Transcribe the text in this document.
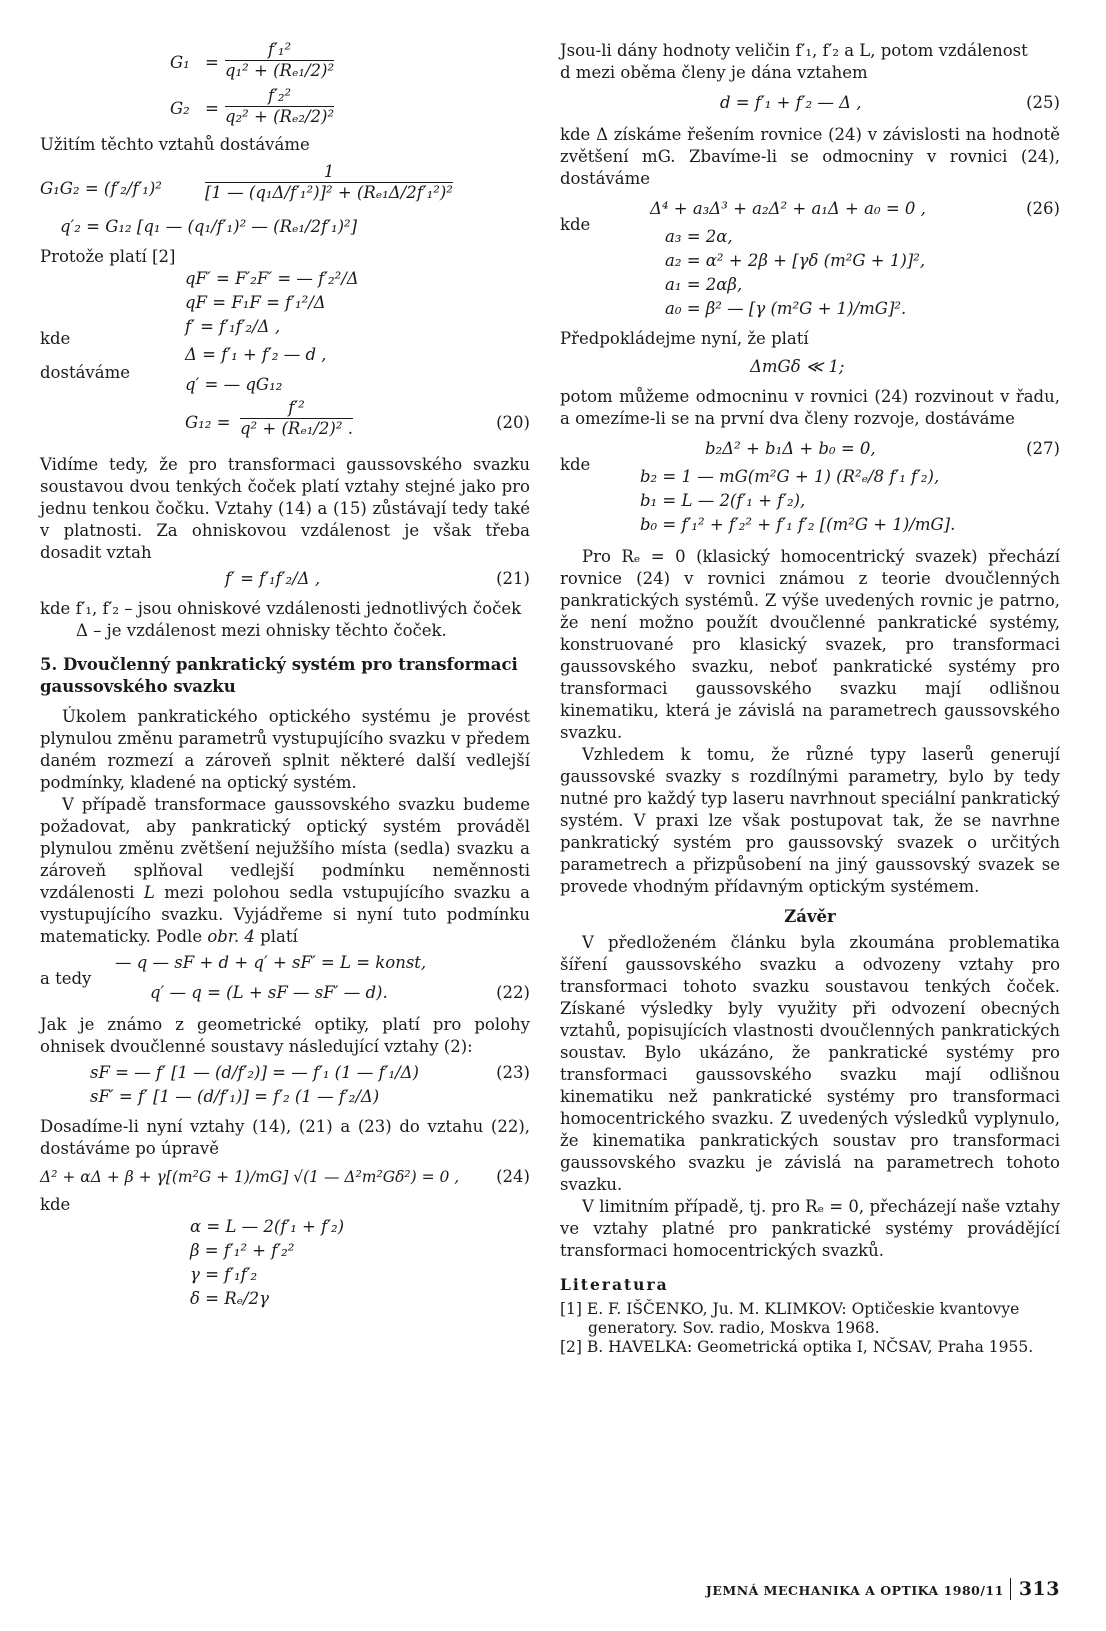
$G_1 = \frac{\text{f′₁²}}{\text{q₁² + (Rₑ₁/2)²}}$
$G_2 = \frac{\text{f′₂²}}{\text{q₂² + (Rₑ₂/2)²}}$

Užitím těchto vztahů dostáváme

G₁G₂ = (f′₂/f′₁)²	$\frac{1}{\text{[1 — (q₁Δ/f′₁²)]² + (Rₑ₁Δ/2f′₁²)²}}$
q′₂ = G₁₂ [q₁ — (q₁/f′₁)² — (Rₑ₁/2f′₁)²]

Protože platí [2]

qF′ = F′₂F′ = — f′₂²/Δ
qF = F₁F = f′₁²/Δ
f′ = f′₁f′₂/Δ ,
kde
Δ = f′₁ + f′₂ — d ,
dostáváme
q′ = — qG₁₂
$G_{12} = \frac{\text{f′²}}{\text{q² + (Rₑ₁/2)² .}}$	(20)

Vidíme tedy, že pro transformaci gaussovského svazku soustavou dvou tenkých čoček platí vztahy stejné jako pro jednu tenkou čočku. Vztahy (14) a (15) zůstávají tedy také v platnosti. Za ohniskovou vzdálenost je však třeba dosadit vztah

f′ = f′₁f′₂/Δ ,	(21)

kde f′₁, f′₂ – jsou ohniskové vzdálenosti jednotlivých čoček

Δ – je vzdálenost mezi ohnisky těchto čoček.

5. Dvoučlenný pankratický systém pro transformaci gaussovského svazku

Úkolem pankratického optického systému je provést plynulou změnu parametrů vystupujícího svazku v předem daném rozmezí a zároveň splnit některé další vedlejší podmínky, kladené na optický systém.

V případě transformace gaussovského svazku budeme požadovat, aby pankratický optický systém prováděl plynulou změnu zvětšení nejužšího místa (sedla) svazku a zároveň splňoval vedlejší podmínku neměnnosti vzdálenosti L mezi polohou sedla vstupujícího svazku a vystupujícího svazku. Vyjádřeme si nyní tuto podmínku matematicky. Podle obr. 4 platí

— q — sF + d + q′ + sF′ = L = konst,
a tedy
q′ — q = (L + sF — sF′ — d).	(22)

Jak je známo z geometrické optiky, platí pro polohy ohnisek dvoučlenné soustavy následující vztahy (2):

sF = — f′ [1 — (d/f′₂)] = — f′₁ (1 — f′₁/Δ)	(23)
sF′ = f′ [1 — (d/f′₁)] = f′₂ (1 — f′₂/Δ)

Dosadíme-li nyní vztahy (14), (21) a (23) do vztahu (22), dostáváme po úpravě

Δ² + αΔ + β + γ[(m²G + 1)/mG] √(1 — Δ²m²Gδ²) = 0 , (24)

kde

α = L — 2(f′₁ + f′₂)
β = f′₁² + f′₂²
γ = f′₁f′₂
δ = Rₑ/2γ

Jsou-li dány hodnoty veličin f′₁, f′₂ a L, potom vzdálenost

d mezi oběma členy je dána vztahem

d = f′₁ + f′₂ — Δ ,	(25)

kde Δ získáme řešením rovnice (24) v závislosti na hodnotě zvětšení mG. Zbavíme-li se odmocniny v rovnici (24), dostáváme

Δ⁴ + a₃Δ³ + a₂Δ² + a₁Δ + a₀ = 0 ,	(26)
kde
a₃ = 2α,
a₂ = α² + 2β + [γδ (m²G + 1)]²,
a₁ = 2αβ,
a₀ = β² — [γ (m²G + 1)/mG]².

Předpokládejme nyní, že platí

ΔmGδ ≪ 1;

potom můžeme odmocninu v rovnici (24) rozvinout v řadu, a omezíme-li se na první dva členy rozvoje, dostáváme

b₂Δ² + b₁Δ + b₀ = 0,	(27)
kde
b₂ = 1 — mG(m²G + 1) (R²ₑ/8 f′₁ f′₂),
b₁ = L — 2(f′₁ + f′₂),
b₀ = f′₁² + f′₂² + f′₁ f′₂ [(m²G + 1)/mG].

Pro Rₑ = 0 (klasický homocentrický svazek) přechází rovnice (24) v rovnici známou z teorie dvoučlenných pankratických systémů. Z výše uvedených rovnic je patrno, že není možno použít dvoučlenné pankratické systémy, konstruované pro klasický svazek, pro transformaci gaussovského svazku, neboť pankratické systémy pro transformaci gaussovského svazku mají odlišnou kinematiku, která je závislá na parametrech gaussovského svazku.

Vzhledem k tomu, že různé typy laserů generují gaussovské svazky s rozdílnými parametry, bylo by tedy nutné pro každý typ laseru navrhnout speciální pankratický systém. V praxi lze však postupovat tak, že se navrhne pankratický systém pro gaussovský svazek o určitých parametrech a přizpůsobení na jiný gaussovský svazek se provede vhodným přídavným optickým systémem.

Závěr

V předloženém článku byla zkoumána problematika šíření gaussovského svazku a odvozeny vztahy pro transformaci tohoto svazku soustavou tenkých čoček. Získané výsledky byly využity při odvození obecných vztahů, popisujících vlastnosti dvoučlenných pankratických soustav. Bylo ukázáno, že pankratické systémy pro transformaci gaussovského svazku mají odlišnou kinematiku než pankratické systémy pro transformaci homocentrického svazku. Z uvedených výsledků vyplynulo, že kinematika pankratických soustav pro transformaci gaussovského svazku je závislá na parametrech tohoto svazku.

V limitním případě, tj. pro Rₑ = 0, přecházejí naše vztahy ve vztahy platné pro pankratické systémy provádějící transformaci homocentrických svazků.

Literatura

[1] E. F. IŠČENKO, Ju. M. KLIMKOV: Optičeskie kvantovye generatory. Sov. radio, Moskva 1968.

[2] B. HAVELKA: Geometrická optika I, NČSAV, Praha 1955.

JEMNÁ MECHANIKA A OPTIKA 1980/11 313
